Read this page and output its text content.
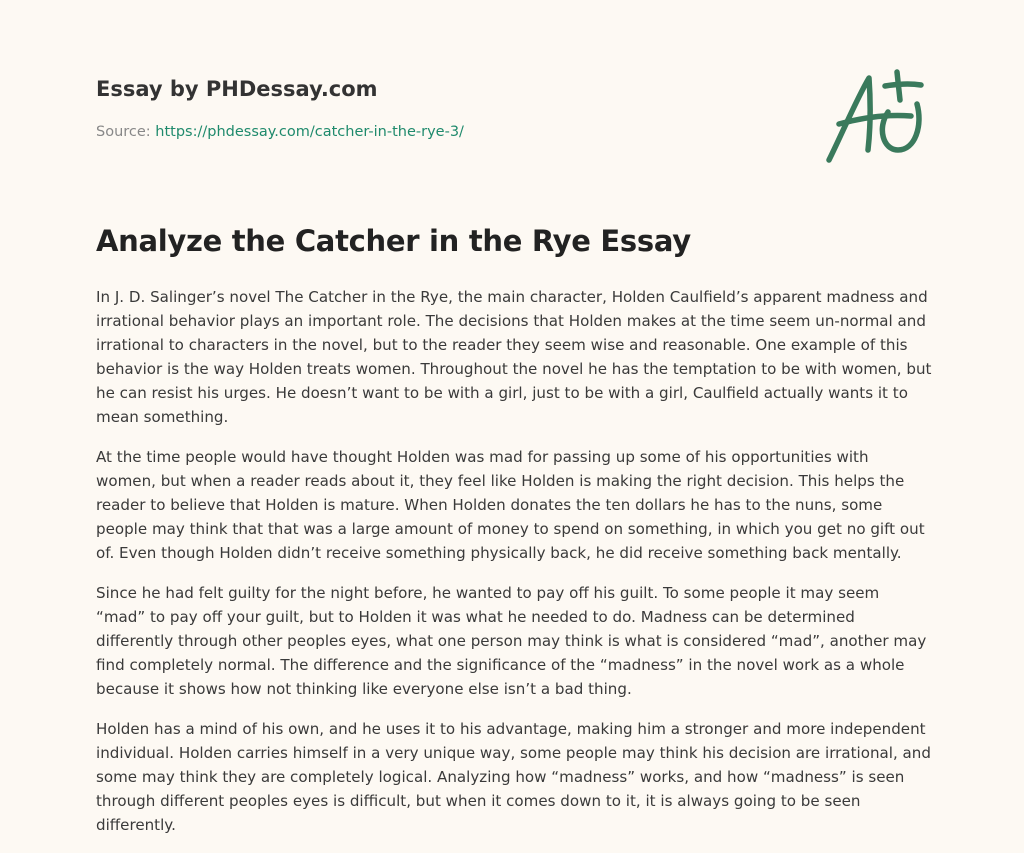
Essay by PHDessay.com
Source: https://phdessay.com/catcher-in-the-rye-3/
Analyze the Catcher in the Rye Essay

In J. D. Salinger’s novel The Catcher in the Rye, the main character, Holden Caulfield’s apparent madness and irrational behavior plays an important role. The decisions that Holden makes at the time seem un-normal and irrational to characters in the novel, but to the reader they seem wise and reasonable. One example of this behavior is the way Holden treats women. Throughout the novel he has the temptation to be with women, but he can resist his urges. He doesn’t want to be with a girl, just to be with a girl, Caulfield actually wants it to mean something.

At the time people would have thought Holden was mad for passing up some of his opportunities with women, but when a reader reads about it, they feel like Holden is making the right decision. This helps the reader to believe that Holden is mature. When Holden donates the ten dollars he has to the nuns, some people may think that that was a large amount of money to spend on something, in which you get no gift out of. Even though Holden didn’t receive something physically back, he did receive something back mentally.

Since he had felt guilty for the night before, he wanted to pay off his guilt. To some people it may seem “mad” to pay off your guilt, but to Holden it was what he needed to do. Madness can be determined differently through other peoples eyes, what one person may think is what is considered “mad”, another may find completely normal. The difference and the significance of the “madness” in the novel work as a whole because it shows how not thinking like everyone else isn’t a bad thing.

Holden has a mind of his own, and he uses it to his advantage, making him a stronger and more independent individual. Holden carries himself in a very unique way, some people may think his decision are irrational, and some may think they are completely logical. Analyzing how “madness” works, and how “madness” is seen through different peoples eyes is difficult, but when it comes down to it, it is always going to be seen differently.
